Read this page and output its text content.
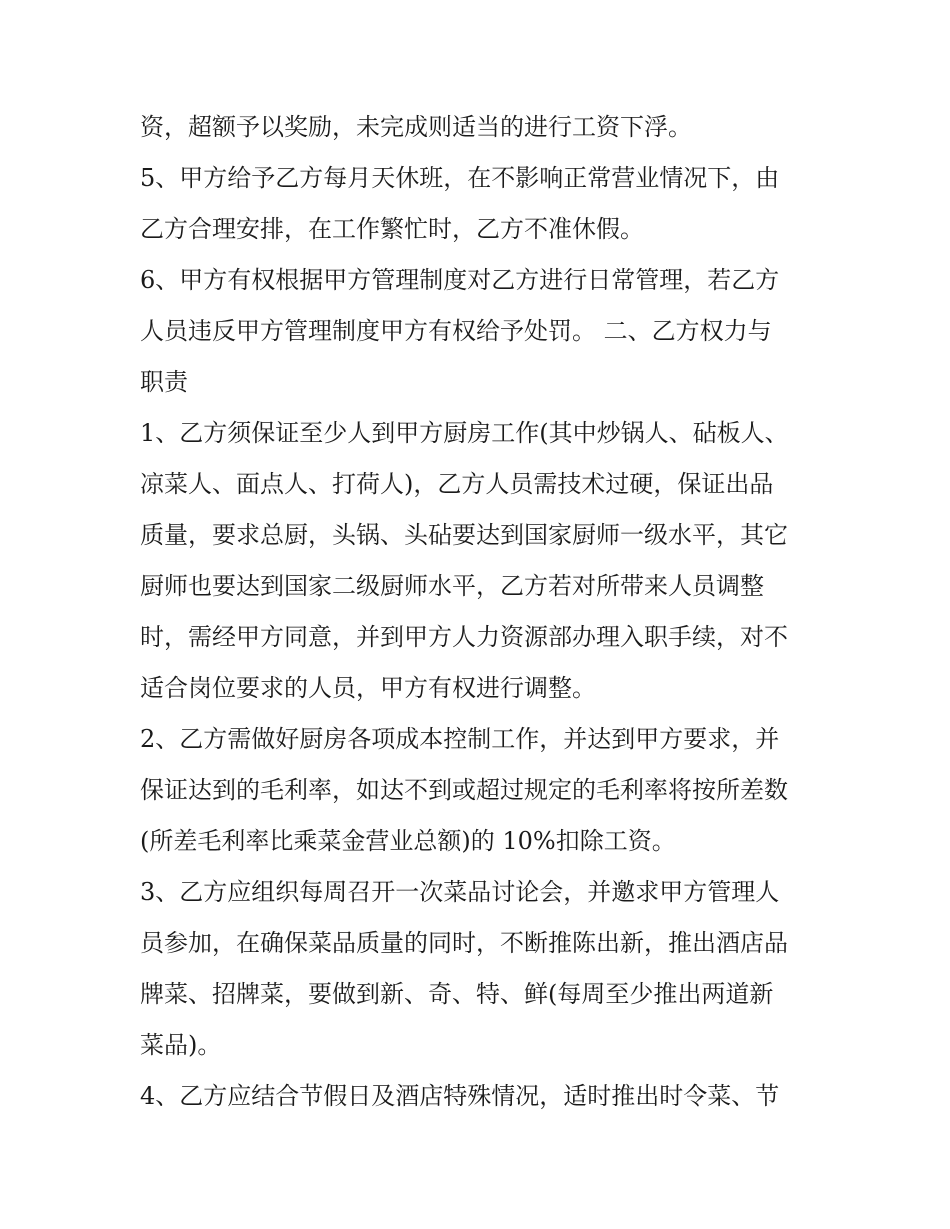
资，超额予以奖励，未完成则适当的进行工资下浮。
5、甲方给予乙方每月天休班，在不影响正常营业情况下，由
乙方合理安排，在工作繁忙时，乙方不准休假。
6、甲方有权根据甲方管理制度对乙方进行日常管理，若乙方
人员违反甲方管理制度甲方有权给予处罚。 二、乙方权力与
职责
1、乙方须保证至少人到甲方厨房工作(其中炒锅人、砧板人、
凉菜人、面点人、打荷人)，乙方人员需技术过硬，保证出品
质量，要求总厨，头锅、头砧要达到国家厨师一级水平，其它
厨师也要达到国家二级厨师水平，乙方若对所带来人员调整
时，需经甲方同意，并到甲方人力资源部办理入职手续，对不
适合岗位要求的人员，甲方有权进行调整。
2、乙方需做好厨房各项成本控制工作，并达到甲方要求，并
保证达到的毛利率，如达不到或超过规定的毛利率将按所差数
(所差毛利率比乘菜金营业总额)的 10%扣除工资。
3、乙方应组织每周召开一次菜品讨论会，并邀求甲方管理人
员参加，在确保菜品质量的同时，不断推陈出新，推出酒店品
牌菜、招牌菜，要做到新、奇、特、鲜(每周至少推出两道新
菜品)。
4、乙方应结合节假日及酒店特殊情况，适时推出时令菜、节
